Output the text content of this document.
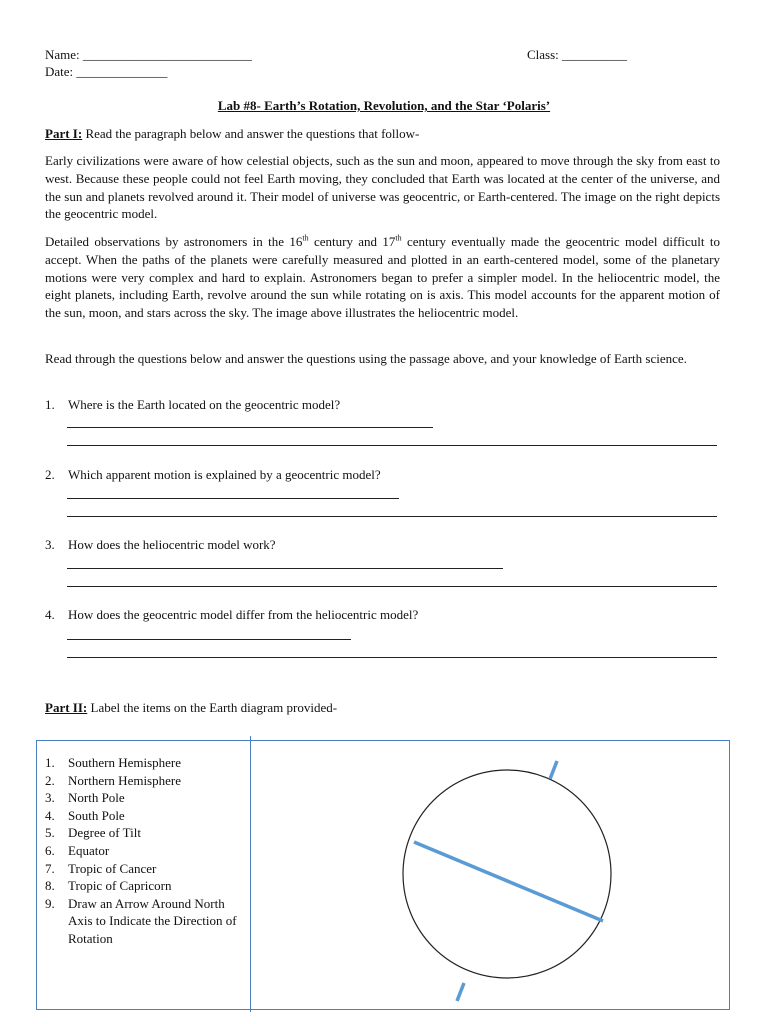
Name: __________________________	Class: __________
Date: ______________
Lab #8- Earth’s Rotation, Revolution, and the Star ‘Polaris’
Part I: Read the paragraph below and answer the questions that follow-
Early civilizations were aware of how celestial objects, such as the sun and moon, appeared to move through the sky from east to west. Because these people could not feel Earth moving, they concluded that Earth was located at the center of the universe, and the sun and planets revolved around it. Their model of universe was geocentric, or Earth-centered. The image on the right depicts the geocentric model.
Detailed observations by astronomers in the 16th century and 17th century eventually made the geocentric model difficult to accept. When the paths of the planets were carefully measured and plotted in an earth-centered model, some of the planetary motions were very complex and hard to explain. Astronomers began to prefer a simpler model. In the heliocentric model, the eight planets, including Earth, revolve around the sun while rotating on is axis. This model accounts for the apparent motion of the sun, moon, and stars across the sky. The image above illustrates the heliocentric model.
Read through the questions below and answer the questions using the passage above, and your knowledge of Earth science.
1. Where is the Earth located on the geocentric model?
2. Which apparent motion is explained by a geocentric model?
3. How does the heliocentric model work?
4. How does the geocentric model differ from the heliocentric model?
Part II: Label the items on the Earth diagram provided-
1. Southern Hemisphere
2. Northern Hemisphere
3. North Pole
4. South Pole
5. Degree of Tilt
6. Equator
7. Tropic of Cancer
8. Tropic of Capricorn
9. Draw an Arrow Around North Axis to Indicate the Direction of Rotation
